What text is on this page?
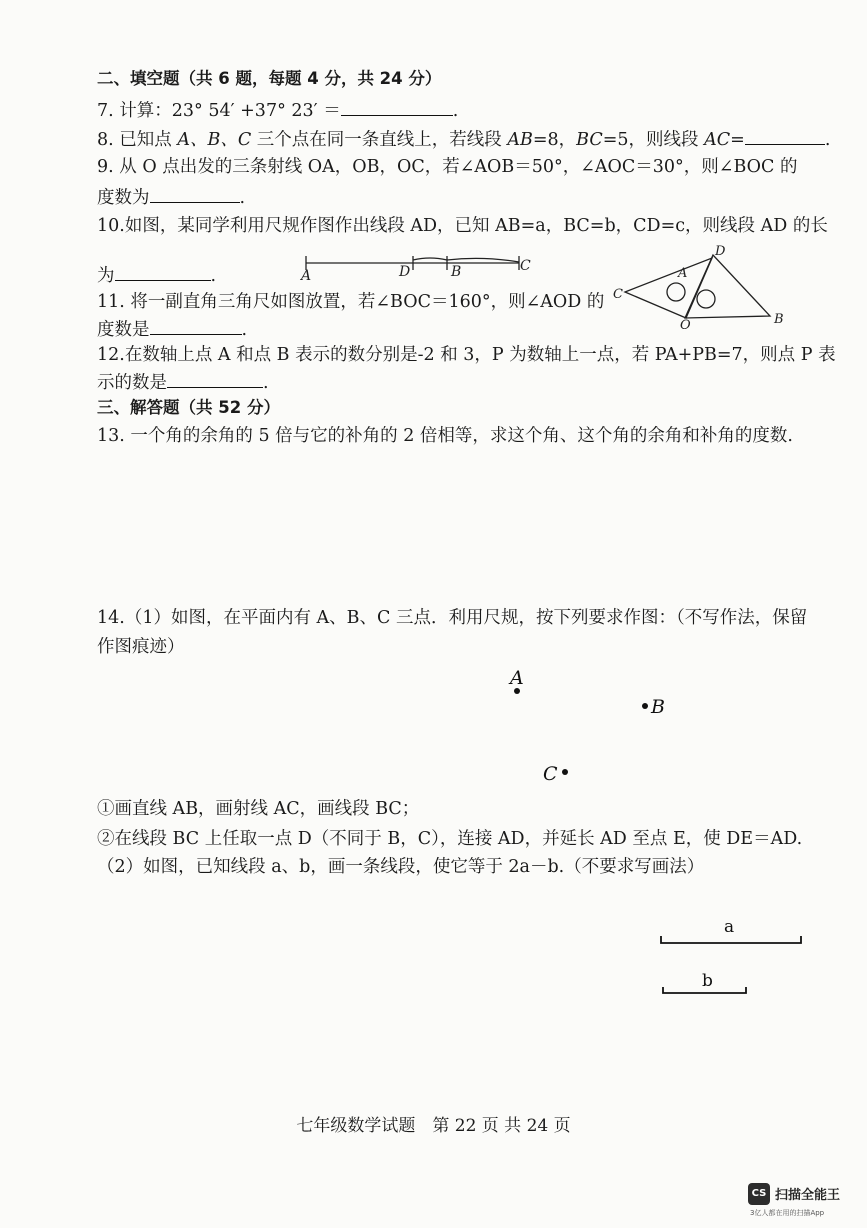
二、填空题（共 6 题，每题 4 分，共 24 分）
7. 计算：23° 54′ +37° 23′ ＝	.
8. 已知点 A、B、C 三个点在同一条直线上，若线段 AB=8，BC=5，则线段 AC=	.
9. 从 O 点出发的三条射线 OA，OB，OC，若∠AOB＝50°，∠AOC＝30°，则∠BOC 的
度数为	.
10.如图，某同学利用尺规作图作出线段 AD，已知 AB=a，BC=b，CD=c，则线段 AD 的长
为	.
11. 将一副直角三角尺如图放置，若∠BOC＝160°，则∠AOD 的
度数是	.
12.在数轴上点 A 和点 B 表示的数分别是-2 和 3，P 为数轴上一点，若 PA+PB=7，则点 P 表
示的数是	.
三、解答题（共 52 分）
13. 一个角的余角的 5 倍与它的补角的 2 倍相等，求这个角、这个角的余角和补角的度数.
14.（1）如图，在平面内有 A、B、C 三点．利用尺规，按下列要求作图：（不写作法，保留
作图痕迹）
①画直线 AB，画射线 AC，画线段 BC；
②在线段 BC 上任取一点 D（不同于 B，C），连接 AD，并延长 AD 至点 E，使 DE＝AD.
（2）如图，已知线段 a、b，画一条线段，使它等于 2a－b.（不要求写画法）
A	D	B	C
D
A
C
O	B
A
B
C
a
b
七年级数学试题　第 22 页 共 24 页
CS 扫描全能王
3亿人都在用的扫描App
